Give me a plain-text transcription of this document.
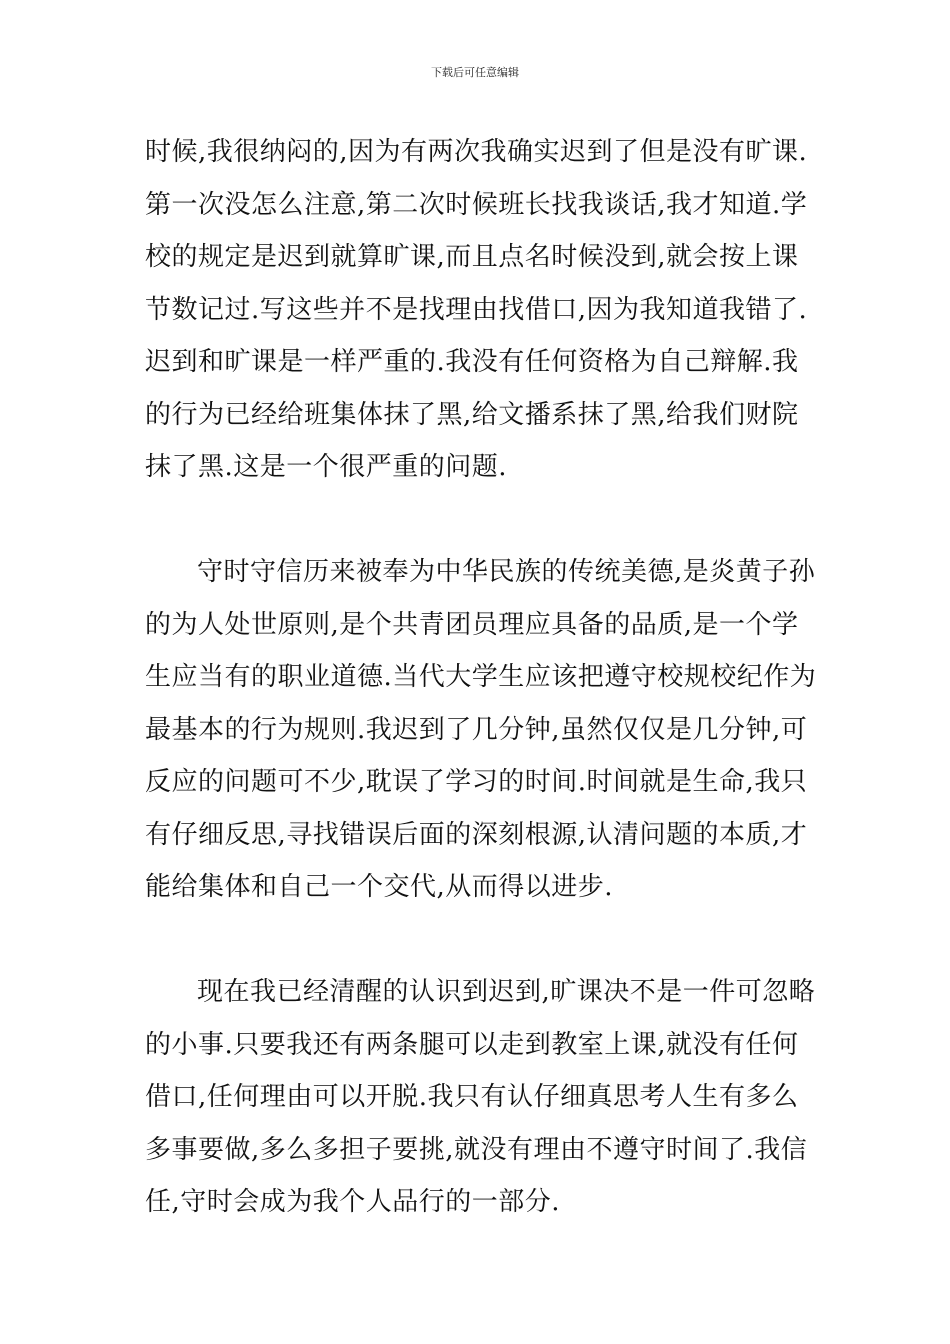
下载后可任意编辑
时候,我很纳闷的,因为有两次我确实迟到了但是没有旷课.
第一次没怎么注意,第二次时候班长找我谈话,我才知道.学
校的规定是迟到就算旷课,而且点名时候没到,就会按上课
节数记过.写这些并不是找理由找借口,因为我知道我错了.
迟到和旷课是一样严重的.我没有任何资格为自己辩解.我
的行为已经给班集体抹了黑,给文播系抹了黑,给我们财院
抹了黑.这是一个很严重的问题.
守时守信历来被奉为中华民族的传统美德,是炎黄子孙
的为人处世原则,是个共青团员理应具备的品质,是一个学
生应当有的职业道德.当代大学生应该把遵守校规校纪作为
最基本的行为规则.我迟到了几分钟,虽然仅仅是几分钟,可
反应的问题可不少,耽误了学习的时间.时间就是生命,我只
有仔细反思,寻找错误后面的深刻根源,认清问题的本质,才
能给集体和自己一个交代,从而得以进步.
现在我已经清醒的认识到迟到,旷课决不是一件可忽略
的小事.只要我还有两条腿可以走到教室上课,就没有任何
借口,任何理由可以开脱.我只有认仔细真思考人生有多么
多事要做,多么多担子要挑,就没有理由不遵守时间了.我信
任,守时会成为我个人品行的一部分.
